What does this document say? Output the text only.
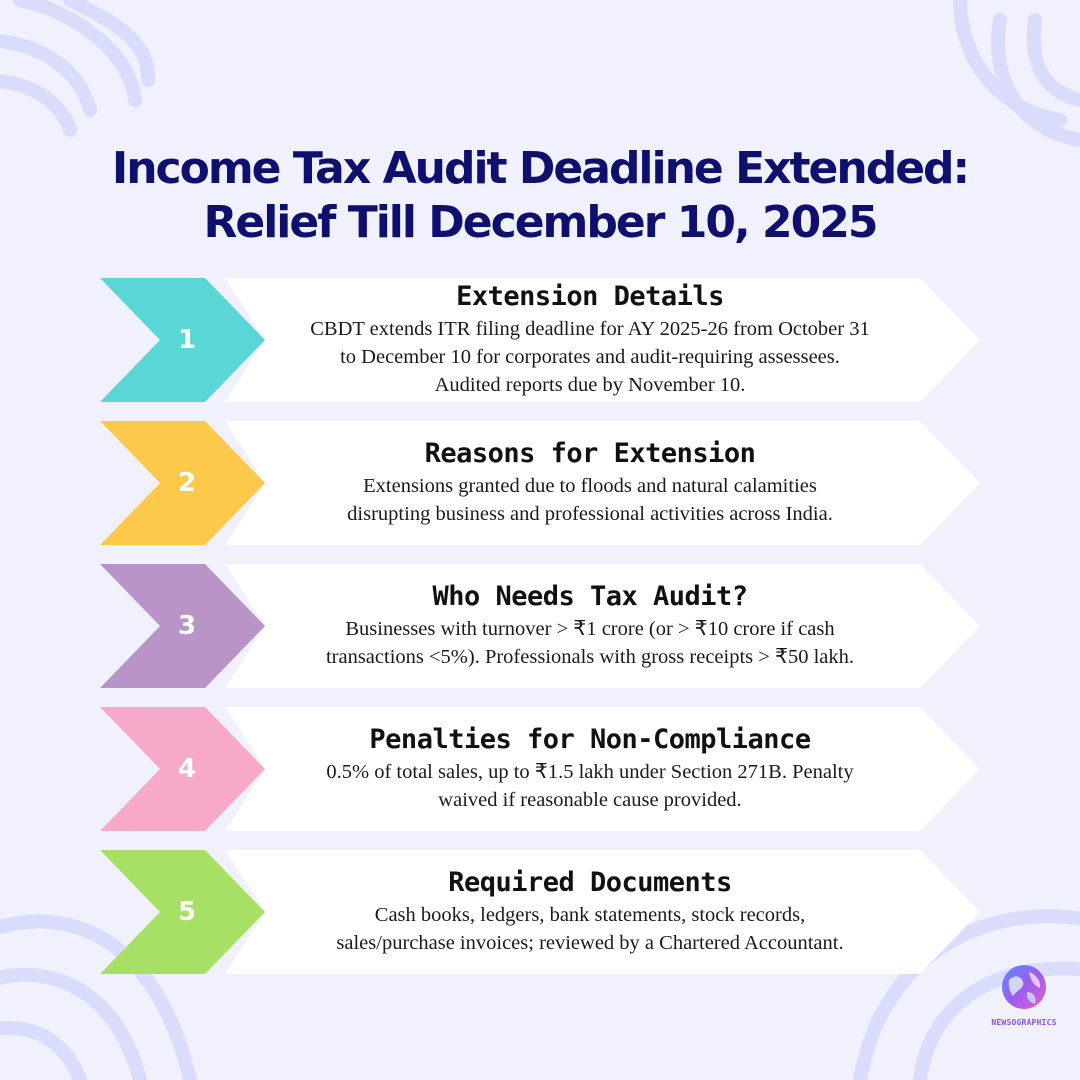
Income Tax Audit Deadline Extended:
Relief Till December 10, 2025
1
Extension Details
CBDT extends ITR filing deadline for AY 2025-26 from October 31
to December 10 for corporates and audit-requiring assessees.
Audited reports due by November 10.
2
Reasons for Extension
Extensions granted due to floods and natural calamities
disrupting business and professional activities across India.
3
Who Needs Tax Audit?
Businesses with turnover > ₹1 crore (or > ₹10 crore if cash
transactions <5%). Professionals with gross receipts > ₹50 lakh.
4
Penalties for Non-Compliance
0.5% of total sales, up to ₹1.5 lakh under Section 271B. Penalty
waived if reasonable cause provided.
5
Required Documents
Cash books, ledgers, bank statements, stock records,
sales/purchase invoices; reviewed by a Chartered Accountant.
NEWSOGRAPHICS
